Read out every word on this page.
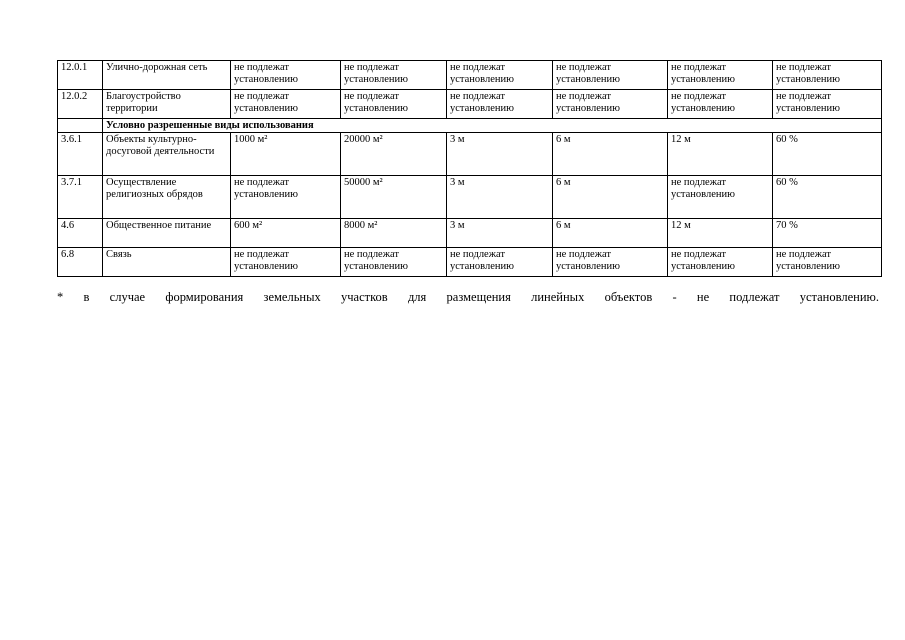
12.0.1	Улично-дорожная сеть	не подлежат установлению	не подлежат установлению	не подлежат установлению	не подлежат установлению	не подлежат установлению	не подлежат установлению
12.0.2	Благоустройство территории	не подлежат установлению	не подлежат установлению	не подлежат установлению	не подлежат установлению	не подлежат установлению	не подлежат установлению
	Условно разрешенные виды использования						
3.6.1	Объекты культурно-досуговой деятельности	1000 м²	20000 м²	3 м	6 м	12 м	60 %
3.7.1	Осуществление религиозных обрядов	не подлежат установлению	50000 м²	3 м	6 м	не подлежат установлению	60 %
4.6	Общественное питание	600 м²	8000 м²	3 м	6 м	12 м	70 %
6.8	Связь	не подлежат установлению	не подлежат установлению	не подлежат установлению	не подлежат установлению	не подлежат установлению	не подлежат установлению
* в случае формирования земельных участков для размещения линейных объектов - не подлежат установлению.
